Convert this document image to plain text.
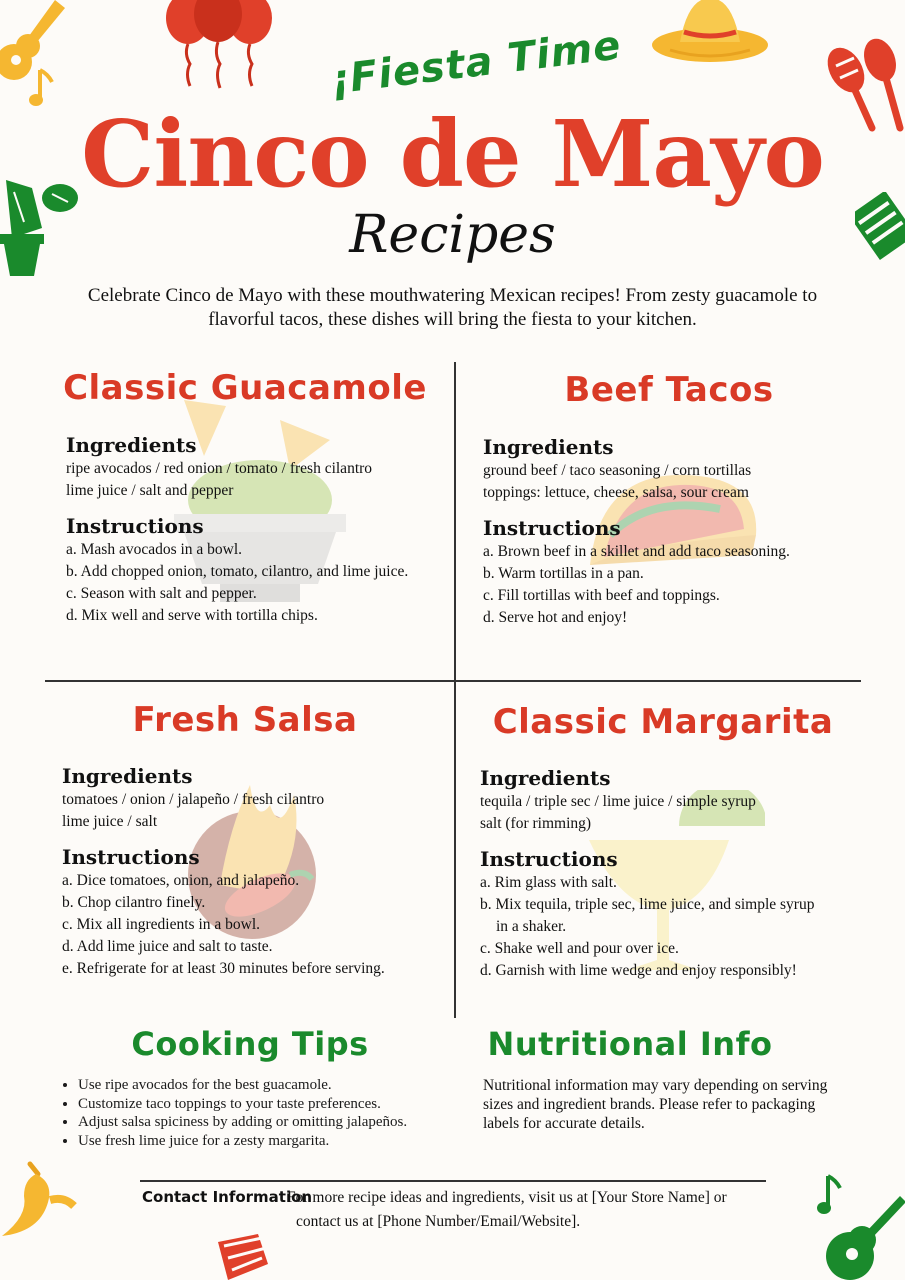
¡Fiesta Time
Cinco de Mayo
Recipes
Celebrate Cinco de Mayo with these mouthwatering Mexican recipes! From zesty guacamole to flavorful tacos, these dishes will bring the fiesta to your kitchen.
Classic Guacamole
Ingredients
ripe avocados / red onion / tomato / fresh cilantro
lime juice / salt and pepper
Instructions
a. Mash avocados in a bowl.
b. Add chopped onion, tomato, cilantro, and lime juice.
c. Season with salt and pepper.
d. Mix well and serve with tortilla chips.
Beef Tacos
Ingredients
ground beef / taco seasoning / corn tortillas
toppings: lettuce, cheese, salsa, sour cream
Instructions
a. Brown beef in a skillet and add taco seasoning.
b. Warm tortillas in a pan.
c. Fill tortillas with beef and toppings.
d. Serve hot and enjoy!
Fresh Salsa
Ingredients
tomatoes / onion / jalapeño / fresh cilantro
lime juice / salt
Instructions
a. Dice tomatoes, onion, and jalapeño.
b. Chop cilantro finely.
c. Mix all ingredients in a bowl.
d. Add lime juice and salt to taste.
e. Refrigerate for at least 30 minutes before serving.
Classic Margarita
Ingredients
tequila / triple sec / lime juice / simple syrup
salt (for rimming)
Instructions
a. Rim glass with salt.
b. Mix tequila, triple sec, lime juice, and simple syrup in a shaker.
c. Shake well and pour over ice.
d. Garnish with lime wedge and enjoy responsibly!
Cooking Tips
• Use ripe avocados for the best guacamole.
• Customize taco toppings to your taste preferences.
• Adjust salsa spiciness by adding or omitting jalapeños.
• Use fresh lime juice for a zesty margarita.
Nutritional Info
Nutritional information may vary depending on serving sizes and ingredient brands. Please refer to packaging labels for accurate details.
Contact Information
For more recipe ideas and ingredients, visit us at [Your Store Name] or
contact us at [Phone Number/Email/Website].
